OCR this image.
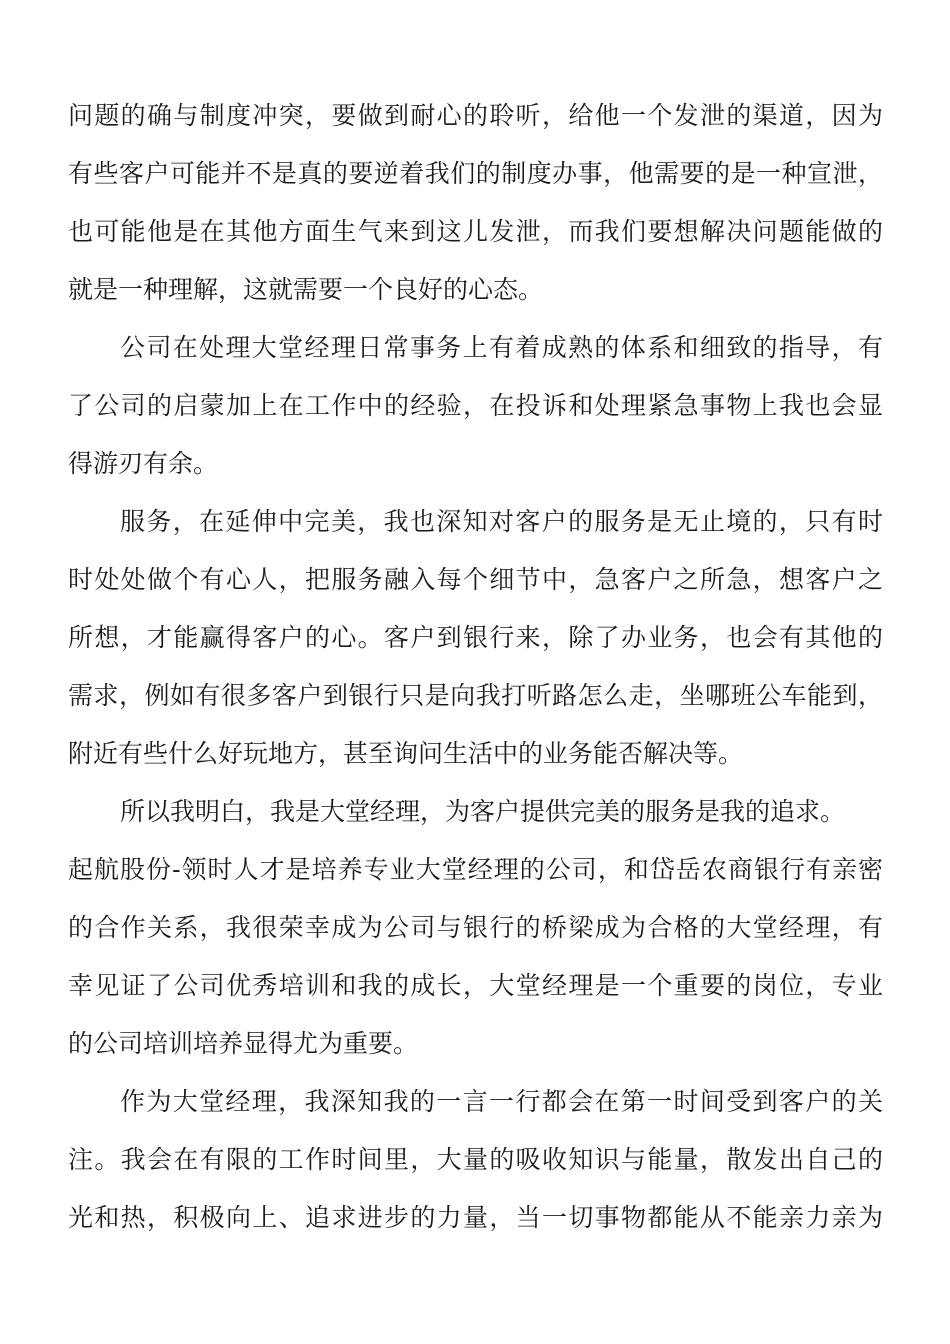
问题的确与制度冲突，要做到耐心的聆听，给他一个发泄的渠道，因为
有些客户可能并不是真的要逆着我们的制度办事，他需要的是一种宣泄，
也可能他是在其他方面生气来到这儿发泄，而我们要想解决问题能做的
就是一种理解，这就需要一个良好的心态。
公司在处理大堂经理日常事务上有着成熟的体系和细致的指导，有
了公司的启蒙加上在工作中的经验，在投诉和处理紧急事物上我也会显
得游刃有余。
服务，在延伸中完美，我也深知对客户的服务是无止境的，只有时
时处处做个有心人，把服务融入每个细节中，急客户之所急，想客户之
所想，才能赢得客户的心。客户到银行来，除了办业务，也会有其他的
需求，例如有很多客户到银行只是向我打听路怎么走，坐哪班公车能到，
附近有些什么好玩地方，甚至询问生活中的业务能否解决等。
所以我明白，我是大堂经理，为客户提供完美的服务是我的追求。
起航股份-领时人才是培养专业大堂经理的公司，和岱岳农商银行有亲密
的合作关系，我很荣幸成为公司与银行的桥梁成为合格的大堂经理，有
幸见证了公司优秀培训和我的成长，大堂经理是一个重要的岗位，专业
的公司培训培养显得尤为重要。
作为大堂经理，我深知我的一言一行都会在第一时间受到客户的关
注。我会在有限的工作时间里，大量的吸收知识与能量，散发出自己的
光和热，积极向上、追求进步的力量，当一切事物都能从不能亲力亲为
